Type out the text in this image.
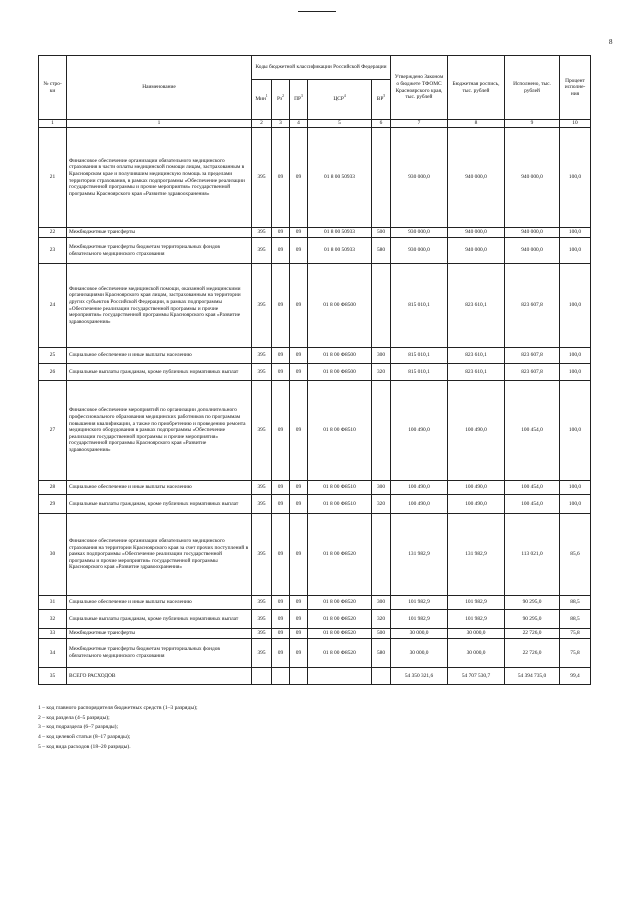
8
№ стро-ки	Наименование	Коды бюджетной классификации Российской Федерации					Утверждено Законом о бюджете ТФОМС Красноярского края, тыс. рублей	Бюджетная роспись, тыс. рублей	Исполнено, тыс. рублей	Процент исполне-ния
		Мин$^1$	$Рз^2$	$ПР^3$	ЦСР$^4$	$ВР^5$
1	1	2	3	4	5	6	7	8	9	10
21	Финансовое обеспечение организации обязательного медицинского страхования в части оплаты медицинской помощи лицам, застрахованным в Красноярском крае и получившим медицинскую помощь за пределами территории страхования, в рамках подпрограммы «Обеспечение реализации государственной программы и прочие мероприятия» государственной программы Красноярского края «Развитие здравоохранения»	395	09	09	01 8 00 50933		930 000,0	940 000,0	940 000,0	100,0
22	Межбюджетные трансферты	395	09	09	01 8 00 50933	500	930 000,0	940 000,0	940 000,0	100,0
23	Межбюджетные трансферты бюджетам территориальных фондов обязательного медицинского страхования	395	09	09	01 8 00 50933	580	930 000,0	940 000,0	940 000,0	100,0
24	Финансовое обеспечение медицинской помощи, оказанной медицинскими организациями Красноярского края лицам, застрахованным на территории других субъектов Российской Федерации, в рамках подпрограммы «Обеспечение реализации государственной программы и прочие мероприятия» государственной программы Красноярского края «Развитие здравоохранения»	395	09	09	01 8 00 Ф8500		815 010,1	823 610,1	823 607,8	100,0
25	Социальное обеспечение и иные выплаты населению	395	09	09	01 8 00 Ф8500	300	815 010,1	823 610,1	823 607,8	100,0
26	Социальные выплаты гражданам, кроме публичных нормативных выплат	395	09	09	01 8 00 Ф8500	320	815 010,1	823 610,1	823 607,8	100,0
27	Финансовое обеспечение мероприятий по организации дополнительного профессионального образования медицинских работников по программам повышения квалификации, а также по приобретению и проведению ремонта медицинского оборудования в рамках подпрограммы «Обеспечение реализации государственной программы и прочие мероприятия» государственной программы Красноярского края «Развитие здравоохранения»	395	09	09	01 8 00 Ф8510		100 490,0	100 490,0	100 454,0	100,0
28	Социальное обеспечение и иные выплаты населению	395	09	09	01 8 00 Ф8510	300	100 490,0	100 490,0	100 454,0	100,0
29	Социальные выплаты гражданам, кроме публичных нормативных выплат	395	09	09	01 8 00 Ф8510	320	100 490,0	100 490,0	100 454,0	100,0
30	Финансовое обеспечение организации обязательного медицинского страхования на территории Красноярского края за счет прочих поступлений в рамках подпрограммы «Обеспечение реализации государственной программы и прочие мероприятия» государственной программы Красноярского края «Развитие здравоохранения»	395	09	09	01 8 00 Ф8520		131 982,9	131 982,9	113 021,0	85,6
31	Социальное обеспечение и иные выплаты населению	395	09	09	01 8 00 Ф8520	300	101 982,9	101 982,9	90 295,0	88,5
32	Социальные выплаты гражданам, кроме публичных нормативных выплат	395	09	09	01 8 00 Ф8520	320	101 982,9	101 982,9	90 295,0	88,5
33	Межбюджетные трансферты	395	09	09	01 8 00 Ф8520	500	30 000,0	30 000,0	22 726,0	75,8
34	Межбюджетные трансферты бюджетам территориальных фондов обязательного медицинского страхования	395	09	09	01 8 00 Ф8520	580	30 000,0	30 000,0	22 726,0	75,8
35	ВСЕГО РАСХОДОВ						54 350 321,6	54 707 530,7	54 394 735,0	99,4
1 – код главного распорядителя бюджетных средств (1–3 разряды);
2 – код раздела (4–5 разряды);
3 – код подраздела (6–7 разряды);
4 – код целевой статьи (8–17 разряды);
5 – код вида расходов (18–20 разряды).
